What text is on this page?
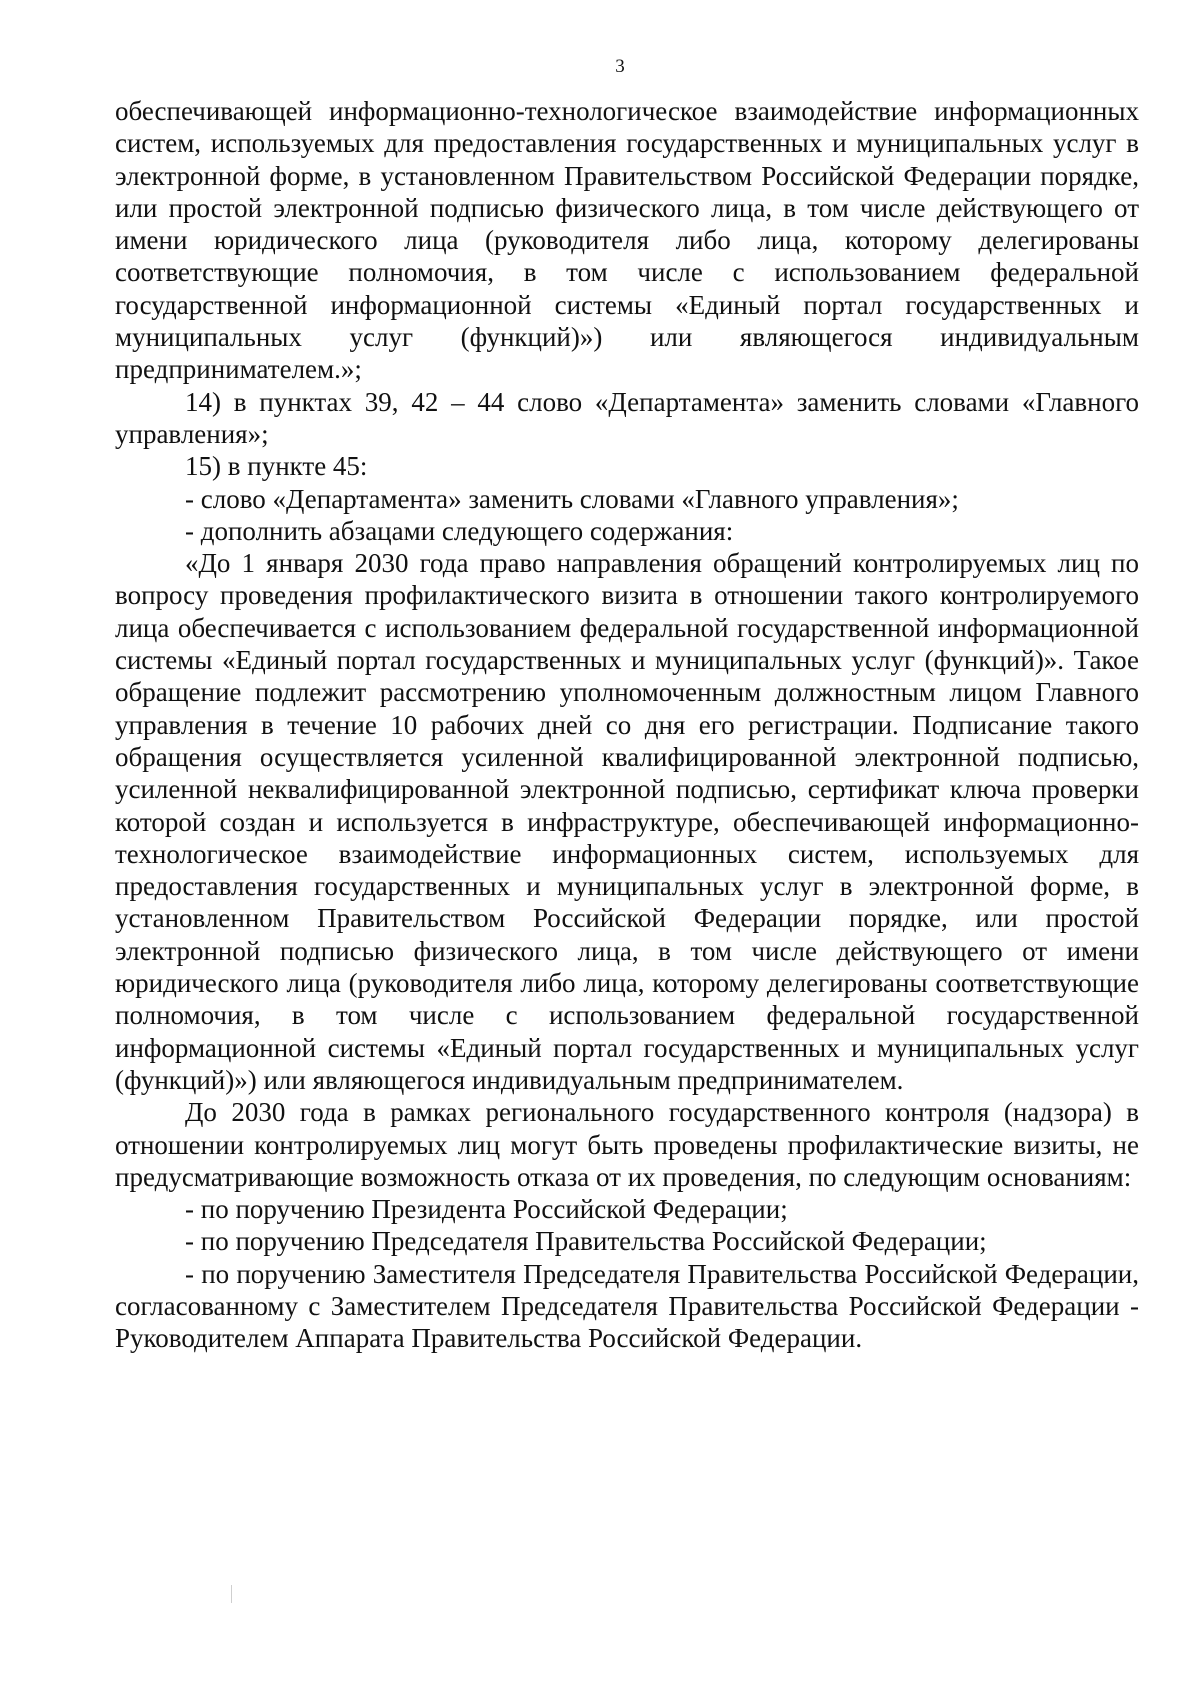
3

обеспечивающей информационно-технологическое взаимодействие информационных систем, используемых для предоставления государственных и муниципальных услуг в электронной форме, в установленном Правительством Российской Федерации порядке, или простой электронной подписью физического лица, в том числе действующего от имени юридического лица (руководителя либо лица, которому делегированы соответствующие полномочия, в том числе с использованием федеральной государственной информационной системы «Единый портал государственных и муниципальных услуг (функций)») или являющегося индивидуальным предпринимателем.»;

14) в пунктах 39, 42 – 44 слово «Департамента» заменить словами «Главного управления»;

15) в пункте 45:

- слово «Департамента» заменить словами «Главного управления»;

- дополнить абзацами следующего содержания:

«До 1 января 2030 года право направления обращений контролируемых лиц по вопросу проведения профилактического визита в отношении такого контролируемого лица обеспечивается с использованием федеральной государственной информационной системы «Единый портал государственных и муниципальных услуг (функций)». Такое обращение подлежит рассмотрению уполномоченным должностным лицом Главного управления в течение 10 рабочих дней со дня его регистрации. Подписание такого обращения осуществляется усиленной квалифицированной электронной подписью, усиленной неквалифицированной электронной подписью, сертификат ключа проверки которой создан и используется в инфраструктуре, обеспечивающей информационно-технологическое взаимодействие информационных систем, используемых для предоставления государственных и муниципальных услуг в электронной форме, в установленном Правительством Российской Федерации порядке, или простой электронной подписью физического лица, в том числе действующего от имени юридического лица (руководителя либо лица, которому делегированы соответствующие полномочия, в том числе с использованием федеральной государственной информационной системы «Единый портал государственных и муниципальных услуг (функций)») или являющегося индивидуальным предпринимателем.

До 2030 года в рамках регионального государственного контроля (надзора) в отношении контролируемых лиц могут быть проведены профилактические визиты, не предусматривающие возможность отказа от их проведения, по следующим основаниям:

- по поручению Президента Российской Федерации;

- по поручению Председателя Правительства Российской Федерации;

- по поручению Заместителя Председателя Правительства Российской Федерации, согласованному с Заместителем Председателя Правительства Российской Федерации - Руководителем Аппарата Правительства Российской Федерации.
